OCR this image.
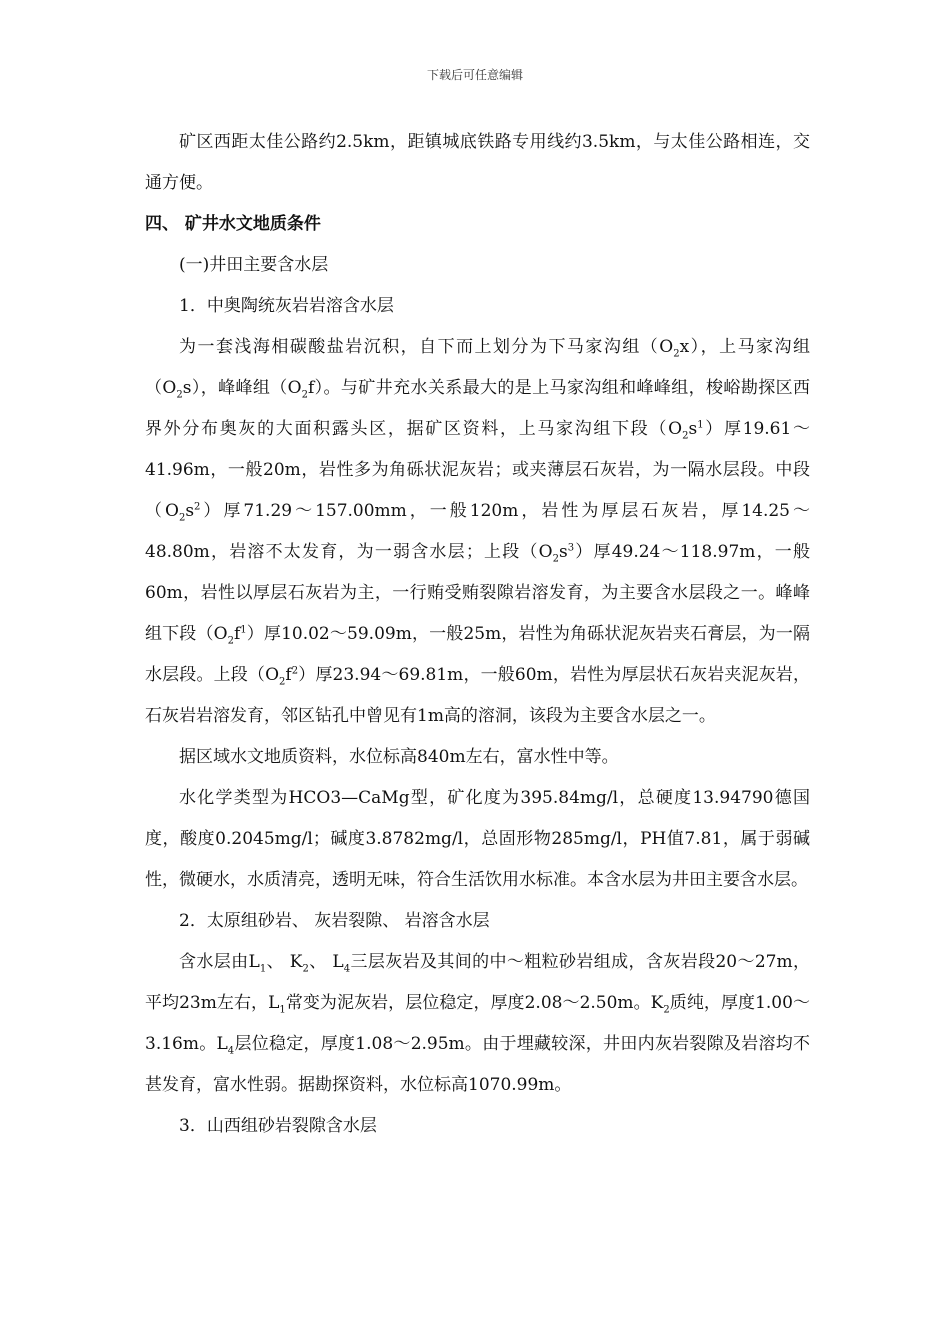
下载后可任意编辑

矿区西距太佳公路约2.5km，距镇城底铁路专用线约3.5km，与太佳公路相连，交通方便。

四、 矿井水文地质条件

(一)井田主要含水层

1．中奥陶统灰岩岩溶含水层

为一套浅海相碳酸盐岩沉积，自下而上划分为下马家沟组$(O_2x)$，上马家沟组$(O_2s)$，峰峰组$(O_2f)$。与矿井充水关系最大的是上马家沟组和峰峰组，梭峪勘探区西界外分布奥灰的大面积露头区，据矿区资料，上马家沟组下段$(O_2s^1)$厚19.61～41.96m，一般20m，岩性多为角砾状泥灰岩；或夹薄层石灰岩，为一隔水层段。中段$(O_2s^2)$厚71.29～157.00mm，一般120m，岩性为厚层石灰岩，厚14.25～48.80m，岩溶不太发育，为一弱含水层；上段$(O_2s^3)$厚49.24～118.97m，一般60m，岩性以厚层石灰岩为主，一行贿受贿裂隙岩溶发育，为主要含水层段之一。峰峰组下段$(O_2f^1)$厚10.02～59.09m，一般25m，岩性为角砾状泥灰岩夹石膏层，为一隔水层段。上段$(O_2f^2)$厚23.94～69.81m，一般60m，岩性为厚层状石灰岩夹泥灰岩，石灰岩岩溶发育，邻区钻孔中曾见有1m高的溶洞，该段为主要含水层之一。

据区域水文地质资料，水位标高840m左右，富水性中等。

水化学类型为HCO3—CaMg型，矿化度为395.84mg/l，总硬度13.94790德国度，酸度0.2045mg/l；碱度3.8782mg/l，总固形物285mg/l，PH值7.81，属于弱碱性，微硬水，水质清亮，透明无味，符合生活饮用水标准。本含水层为井田主要含水层。

2．太原组砂岩、 灰岩裂隙、 岩溶含水层

含水层由$L_1$、 $K_2$、 $L_4$三层灰岩及其间的中～粗粒砂岩组成，含灰岩段20～27m，平均23m左右，$L_1$常变为泥灰岩，层位稳定，厚度2.08～2.50m。$K_2$质纯，厚度1.00～3.16m。$L_4$层位稳定，厚度1.08～2.95m。由于埋藏较深，井田内灰岩裂隙及岩溶均不甚发育，富水性弱。据勘探资料，水位标高1070.99m。

3．山西组砂岩裂隙含水层
